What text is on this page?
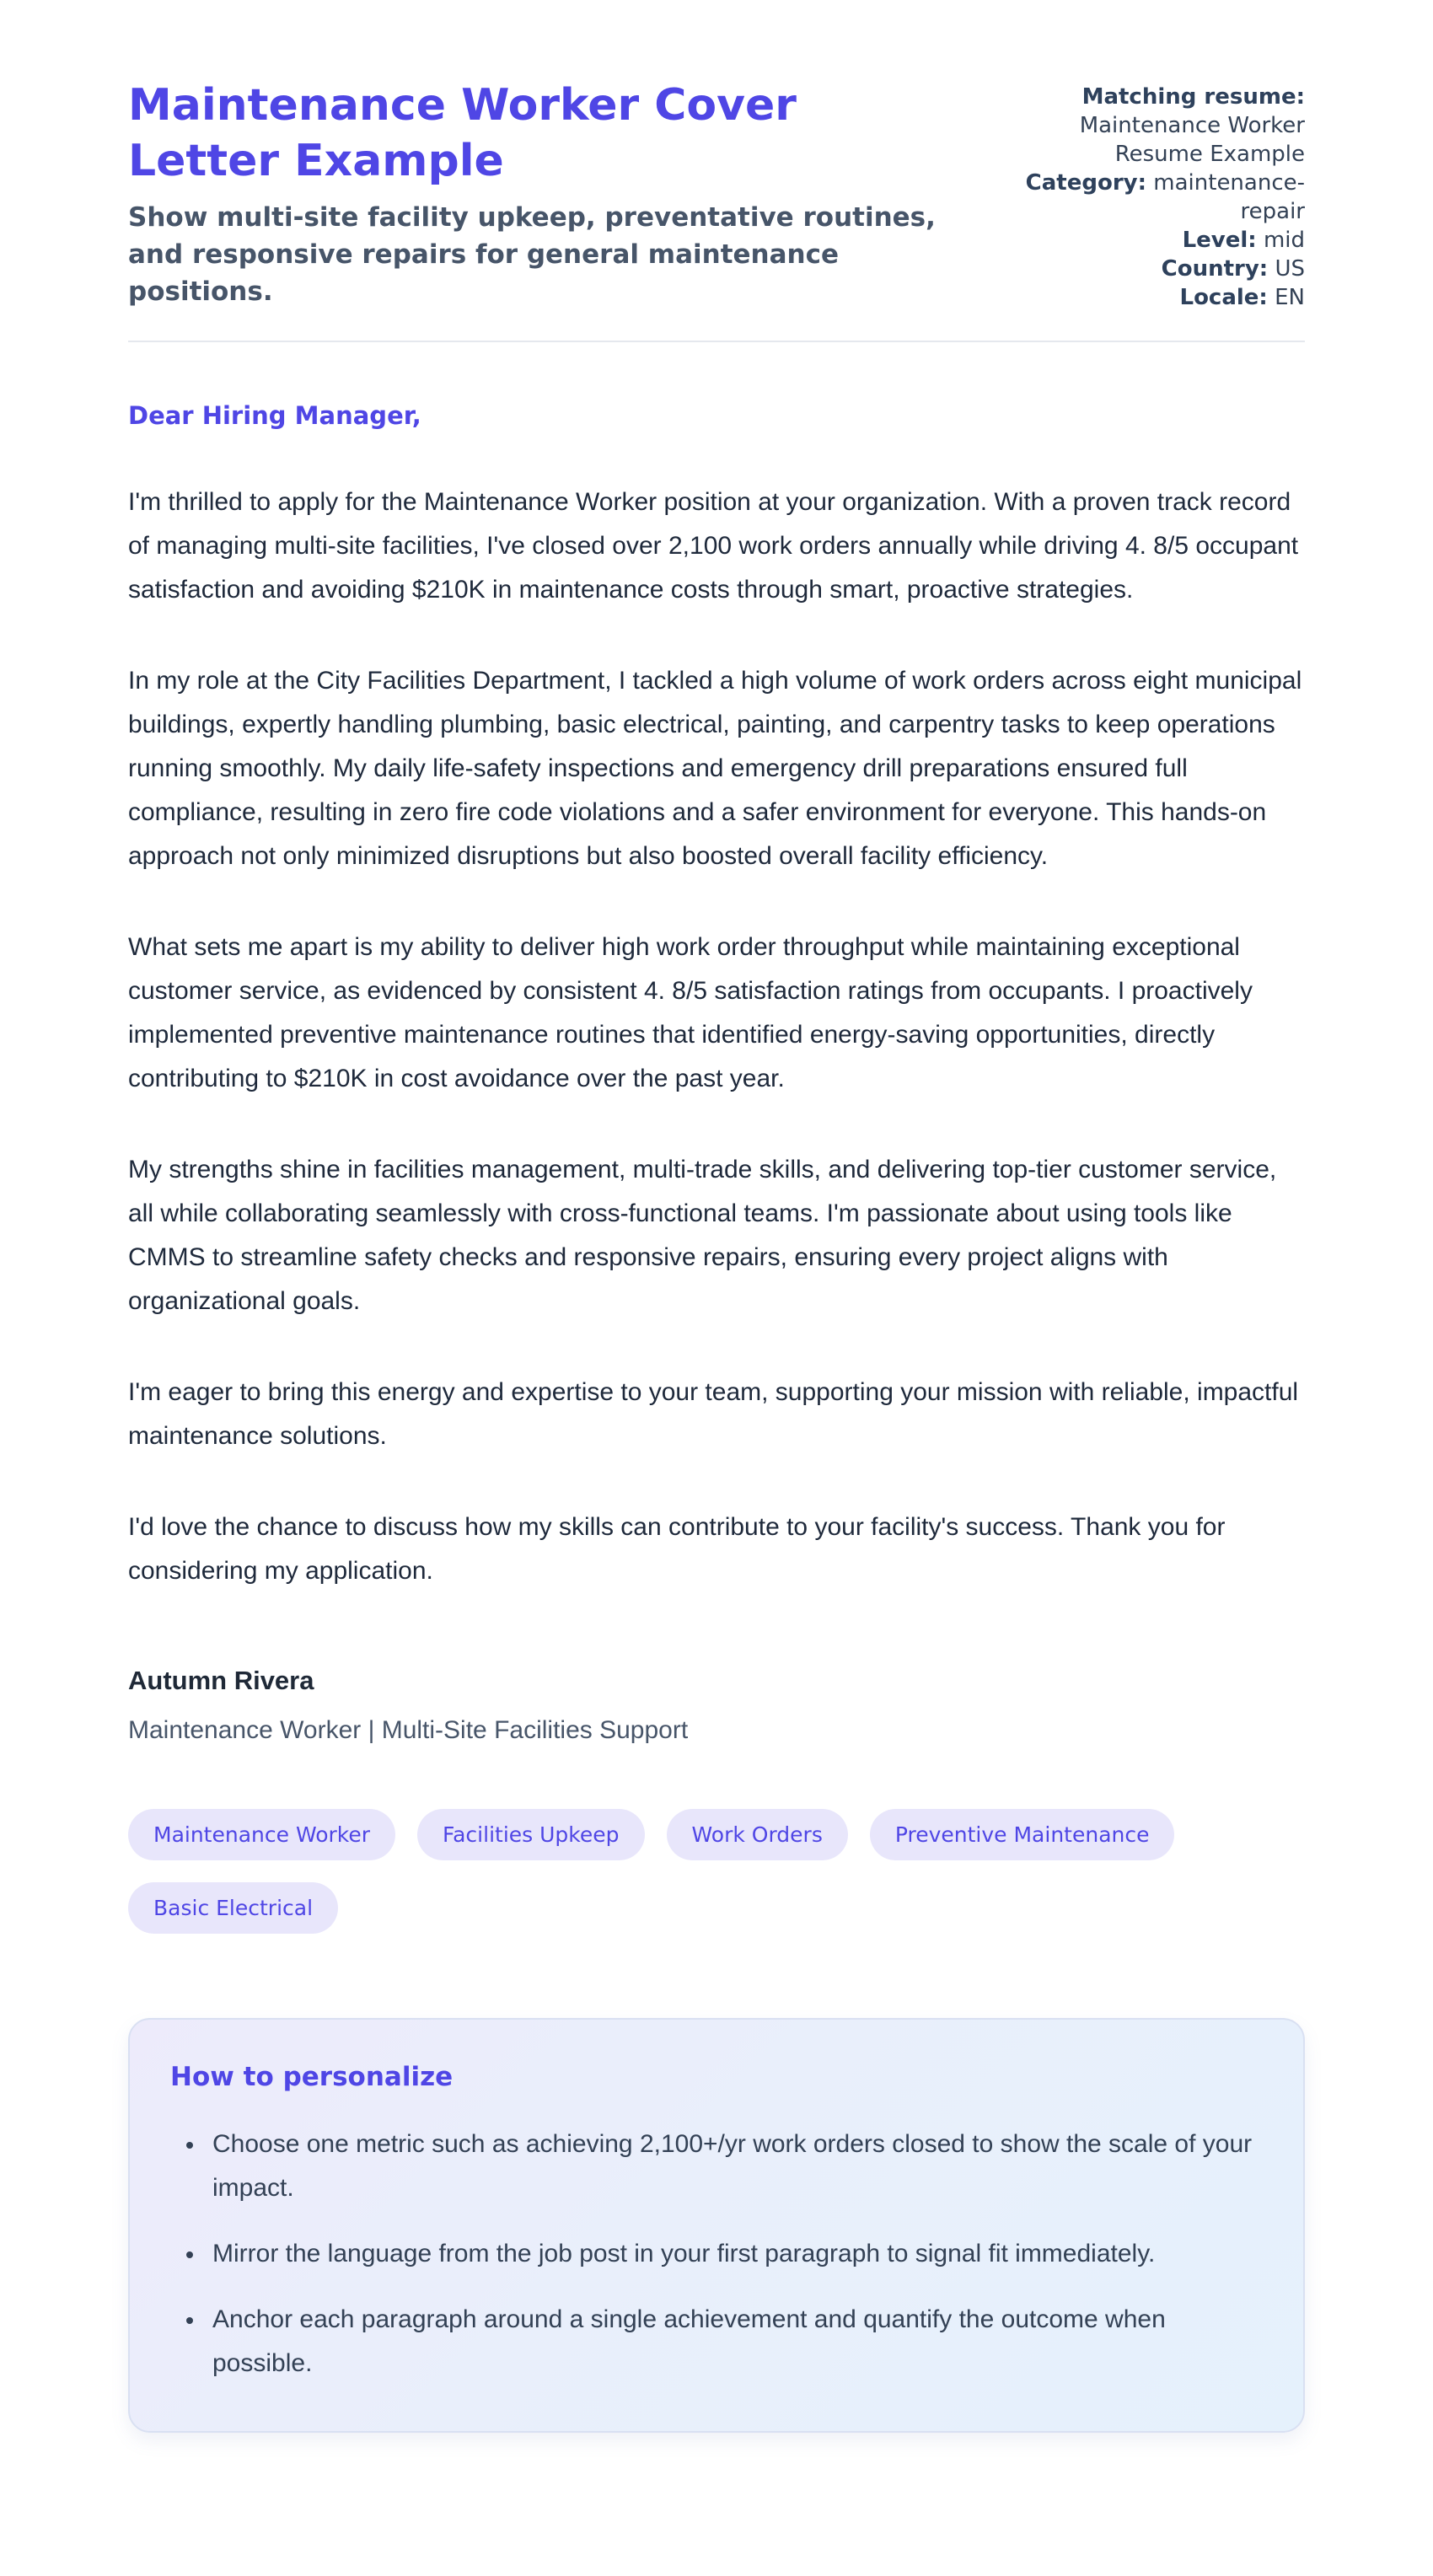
Maintenance Worker Cover Letter Example
Show multi-site facility upkeep, preventative routines, and responsive repairs for general maintenance positions.
Matching resume: Maintenance Worker Resume Example
Category: maintenance-repair
Level: mid
Country: US
Locale: EN

Dear Hiring Manager,

I'm thrilled to apply for the Maintenance Worker position at your organization. With a proven track record of managing multi-site facilities, I've closed over 2,100 work orders annually while driving 4. 8/5 occupant satisfaction and avoiding $210K in maintenance costs through smart, proactive strategies.

In my role at the City Facilities Department, I tackled a high volume of work orders across eight municipal buildings, expertly handling plumbing, basic electrical, painting, and carpentry tasks to keep operations running smoothly. My daily life-safety inspections and emergency drill preparations ensured full compliance, resulting in zero fire code violations and a safer environment for everyone. This hands-on approach not only minimized disruptions but also boosted overall facility efficiency.

What sets me apart is my ability to deliver high work order throughput while maintaining exceptional customer service, as evidenced by consistent 4. 8/5 satisfaction ratings from occupants. I proactively implemented preventive maintenance routines that identified energy-saving opportunities, directly contributing to $210K in cost avoidance over the past year.

My strengths shine in facilities management, multi-trade skills, and delivering top-tier customer service, all while collaborating seamlessly with cross-functional teams. I'm passionate about using tools like CMMS to streamline safety checks and responsive repairs, ensuring every project aligns with organizational goals.

I'm eager to bring this energy and expertise to your team, supporting your mission with reliable, impactful maintenance solutions.

I'd love the chance to discuss how my skills can contribute to your facility's success. Thank you for considering my application.

Autumn Rivera
Maintenance Worker | Multi-Site Facilities Support
Maintenance Worker	Facilities Upkeep	Work Orders	Preventive Maintenance
Basic Electrical
How to personalize
• Choose one metric such as achieving 2,100+/yr work orders closed to show the scale of your impact.
• Mirror the language from the job post in your first paragraph to signal fit immediately.
• Anchor each paragraph around a single achievement and quantify the outcome when possible.
